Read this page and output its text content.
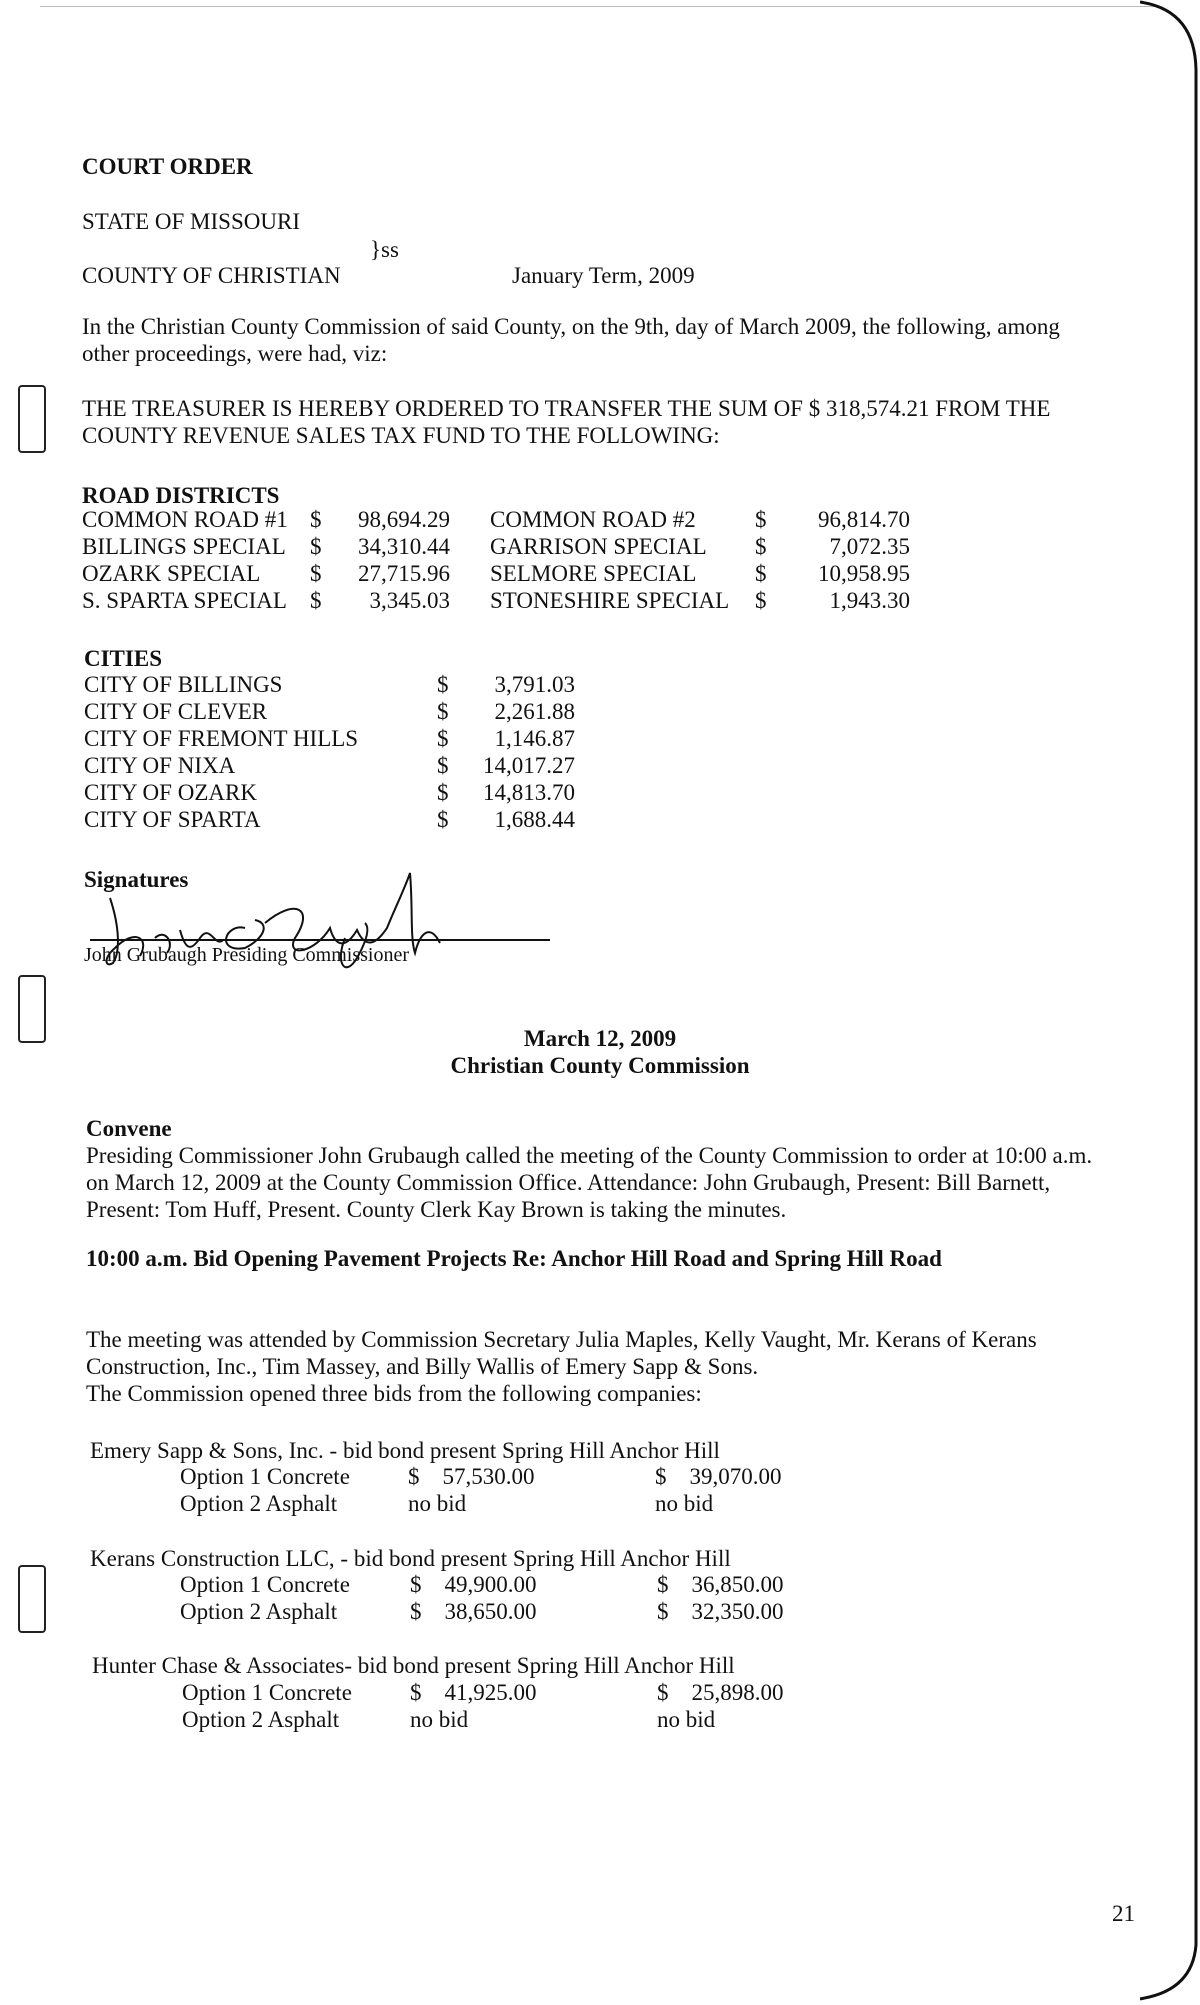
COURT ORDER
STATE OF MISSOURI
}ss
COUNTY OF CHRISTIAN	January Term, 2009
In the Christian County Commission of said County, on the 9th, day of March 2009, the following, among other proceedings, were had, viz:
THE TREASURER IS HEREBY ORDERED TO TRANSFER THE SUM OF $ 318,574.21 FROM THE COUNTY REVENUE SALES TAX FUND TO THE FOLLOWING:
ROAD DISTRICTS
COMMON ROAD #1 $	98,694.29 COMMON ROAD #2	$	96,814.70
BILLINGS SPECIAL $	34,310.44 GARRISON SPECIAL $	7,072.35
OZARK SPECIAL $	27,715.96 SELMORE SPECIAL	$	10,958.95
S. SPARTA SPECIAL $	3,345.03 STONESHIRE SPECIAL $	1,943.30
CITIES
CITY OF BILLINGS	$	3,791.03
CITY OF CLEVER	$	2,261.88
CITY OF FREMONT HILLS	$	1,146.87
CITY OF NIXA	$	14,017.27
CITY OF OZARK	$	14,813.70
CITY OF SPARTA	$	1,688.44
Signatures
John Grubaugh Presiding Commissioner
March 12, 2009
Christian County Commission
Convene
Presiding Commissioner John Grubaugh called the meeting of the County Commission to order at 10:00 a.m. on March 12, 2009 at the County Commission Office. Attendance: John Grubaugh, Present: Bill Barnett, Present: Tom Huff, Present. County Clerk Kay Brown is taking the minutes.
10:00 a.m. Bid Opening Pavement Projects Re: Anchor Hill Road and Spring Hill Road
The meeting was attended by Commission Secretary Julia Maples, Kelly Vaught, Mr. Kerans of Kerans Construction, Inc., Tim Massey, and Billy Wallis of Emery Sapp & Sons.
The Commission opened three bids from the following companies:
Emery Sapp & Sons, Inc. - bid bond present Spring Hill Anchor Hill
Option 1 Concrete	$    57,530.00	$    39,070.00
Option 2 Asphalt	no bid	no bid
Kerans Construction LLC, - bid bond present Spring Hill Anchor Hill
Option 1 Concrete	$    49,900.00	$    36,850.00
Option 2 Asphalt	$    38,650.00	$    32,350.00
Hunter Chase & Associates- bid bond present Spring Hill Anchor Hill
Option 1 Concrete	$    41,925.00	$    25,898.00
Option 2 Asphalt	no bid	no bid
21
